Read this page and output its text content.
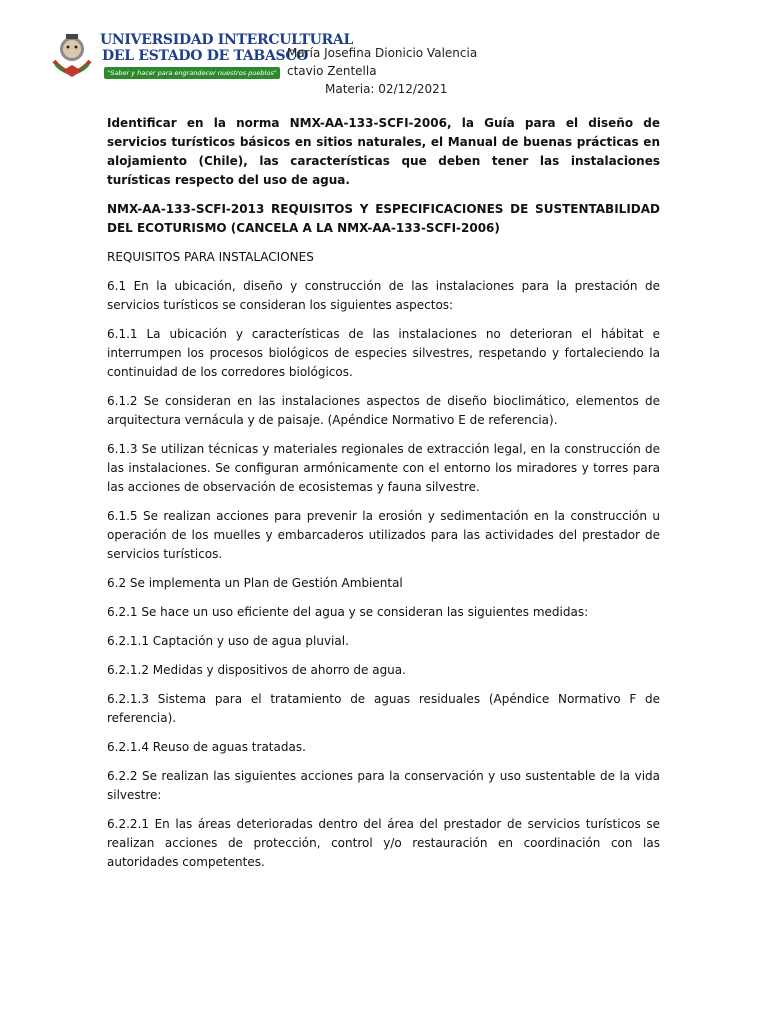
UNIVERSIDAD INTERCULTURAL
DEL ESTADO DE TABASCO
"Saber y hacer para engrandecer nuestros pueblos"
María Josefina Dionicio Valencia
ctavio Zentella
Materia: 02/12/2021

Identificar en la norma NMX-AA-133-SCFI-2006, la Guía para el diseño de servicios turísticos básicos en sitios naturales, el Manual de buenas prácticas en alojamiento (Chile), las características que deben tener las instalaciones turísticas respecto del uso de agua.

NMX-AA-133-SCFI-2013 REQUISITOS Y ESPECIFICACIONES DE SUSTENTABILIDAD DEL ECOTURISMO (CANCELA A LA NMX-AA-133-SCFI-2006)

REQUISITOS PARA INSTALACIONES

6.1 En la ubicación, diseño y construcción de las instalaciones para la prestación de servicios turísticos se consideran los siguientes aspectos:

6.1.1 La ubicación y características de las instalaciones no deterioran el hábitat e interrumpen los procesos biológicos de especies silvestres, respetando y fortaleciendo la continuidad de los corredores biológicos.

6.1.2 Se consideran en las instalaciones aspectos de diseño bioclimático, elementos de arquitectura vernácula y de paisaje. (Apéndice Normativo E de referencia).

6.1.3 Se utilizan técnicas y materiales regionales de extracción legal, en la construcción de las instalaciones. Se configuran armónicamente con el entorno los miradores y torres para las acciones de observación de ecosistemas y fauna silvestre.

6.1.5 Se realizan acciones para prevenir la erosión y sedimentación en la construcción u operación de los muelles y embarcaderos utilizados para las actividades del prestador de servicios turísticos.

6.2 Se implementa un Plan de Gestión Ambiental

6.2.1 Se hace un uso eficiente del agua y se consideran las siguientes medidas:

6.2.1.1 Captación y uso de agua pluvial.

6.2.1.2 Medidas y dispositivos de ahorro de agua.

6.2.1.3 Sistema para el tratamiento de aguas residuales (Apéndice Normativo F de referencia).

6.2.1.4 Reuso de aguas tratadas.

6.2.2 Se realizan las siguientes acciones para la conservación y uso sustentable de la vida silvestre:

6.2.2.1 En las áreas deterioradas dentro del área del prestador de servicios turísticos se realizan acciones de protección, control y/o restauración en coordinación con las autoridades competentes.
